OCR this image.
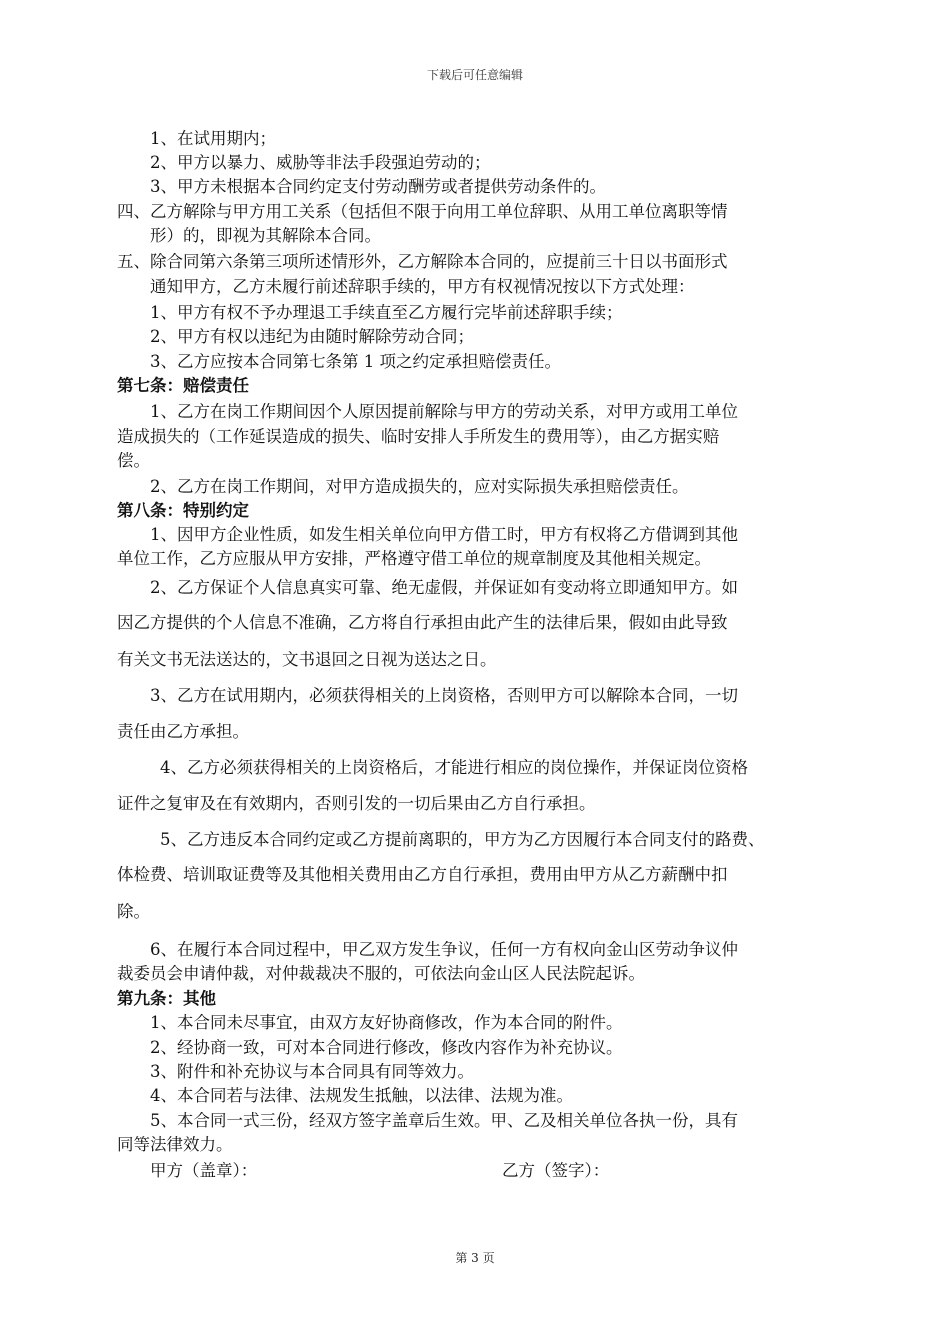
下载后可任意编辑
1、在试用期内；
2、甲方以暴力、威胁等非法手段强迫劳动的；
3、甲方未根据本合同约定支付劳动酬劳或者提供劳动条件的。
四、乙方解除与甲方用工关系（包括但不限于向用工单位辞职、从用工单位离职等情
形）的，即视为其解除本合同。
五、除合同第六条第三项所述情形外，乙方解除本合同的，应提前三十日以书面形式
通知甲方，乙方未履行前述辞职手续的，甲方有权视情况按以下方式处理：
1、甲方有权不予办理退工手续直至乙方履行完毕前述辞职手续；
2、甲方有权以违纪为由随时解除劳动合同；
3、乙方应按本合同第七条第 1 项之约定承担赔偿责任。
第七条：赔偿责任
1、乙方在岗工作期间因个人原因提前解除与甲方的劳动关系，对甲方或用工单位
造成损失的（工作延误造成的损失、临时安排人手所发生的费用等），由乙方据实赔
偿。
2、乙方在岗工作期间，对甲方造成损失的，应对实际损失承担赔偿责任。
第八条：特别约定
1、因甲方企业性质，如发生相关单位向甲方借工时，甲方有权将乙方借调到其他
单位工作，乙方应服从甲方安排，严格遵守借工单位的规章制度及其他相关规定。
2、乙方保证个人信息真实可靠、绝无虚假，并保证如有变动将立即通知甲方。如
因乙方提供的个人信息不准确，乙方将自行承担由此产生的法律后果，假如由此导致
有关文书无法送达的，文书退回之日视为送达之日。
3、乙方在试用期内，必须获得相关的上岗资格，否则甲方可以解除本合同，一切
责任由乙方承担。
4、乙方必须获得相关的上岗资格后，才能进行相应的岗位操作，并保证岗位资格
证件之复审及在有效期内，否则引发的一切后果由乙方自行承担。
5、乙方违反本合同约定或乙方提前离职的，甲方为乙方因履行本合同支付的路费、
体检费、培训取证费等及其他相关费用由乙方自行承担，费用由甲方从乙方薪酬中扣
除。
6、在履行本合同过程中，甲乙双方发生争议，任何一方有权向金山区劳动争议仲
裁委员会申请仲裁，对仲裁裁决不服的，可依法向金山区人民法院起诉。
第九条：其他
1、本合同未尽事宜，由双方友好协商修改，作为本合同的附件。
2、经协商一致，可对本合同进行修改，修改内容作为补充协议。
3、附件和补充协议与本合同具有同等效力。
4、本合同若与法律、法规发生抵触，以法律、法规为准。
5、本合同一式三份，经双方签字盖章后生效。甲、乙及相关单位各执一份，具有
同等法律效力。
甲方（盖章）：	乙方（签字）：
第 3 页
